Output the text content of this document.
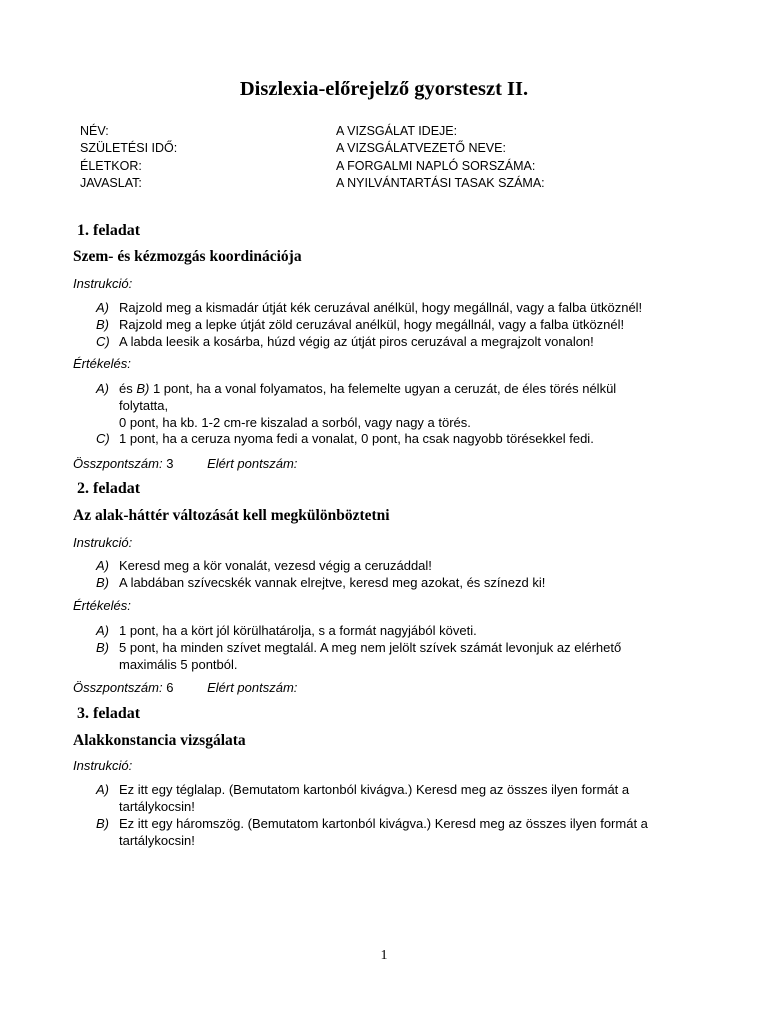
Diszlexia-előrejelző gyorsteszt II.
NÉV:
SZÜLETÉSI IDŐ:
ÉLETKOR:
JAVASLAT:
A VIZSGÁLAT IDEJE:
A VIZSGÁLATVEZETŐ NEVE:
A FORGALMI NAPLÓ SORSZÁMA:
A NYILVÁNTARTÁSI TASAK SZÁMA:
1. feladat
Szem- és kézmozgás koordinációja
Instrukció:
A) Rajzold meg a kismadár útját kék ceruzával anélkül, hogy megállnál, vagy a falba ütköznél!
B) Rajzold meg a lepke útját zöld ceruzával anélkül, hogy megállnál, vagy a falba ütköznél!
C) A labda leesik a kosárba, húzd végig az útját piros ceruzával a megrajzolt vonalon!
Értékelés:
A) és B) 1 pont, ha a vonal folyamatos, ha felemelte ugyan a ceruzát, de éles törés nélkül
folytatta,
0 pont, ha kb. 1-2 cm-re kiszalad a sorból, vagy nagy a törés.
C) 1 pont, ha a ceruza nyoma fedi a vonalat, 0 pont, ha csak nagyobb törésekkel fedi.
Összpontszám: 3	Elért pontszám:
2. feladat
Az alak-háttér változását kell megkülönböztetni
Instrukció:
A) Keresd meg a kör vonalát, vezesd végig a ceruzáddal!
B) A labdában szívecskék vannak elrejtve, keresd meg azokat, és színezd ki!
Értékelés:
A) 1 pont, ha a kört jól körülhatárolja, s a formát nagyjából követi.
B) 5 pont, ha minden szívet megtalál. A meg nem jelölt szívek számát levonjuk az elérhető
maximális 5 pontból.
Összpontszám: 6	Elért pontszám:
3. feladat
Alakkonstancia vizsgálata
Instrukció:
A) Ez itt egy téglalap. (Bemutatom kartonból kivágva.) Keresd meg az összes ilyen formát a
tartálykocsin!
B) Ez itt egy háromszög. (Bemutatom kartonból kivágva.) Keresd meg az összes ilyen formát a
tartálykocsin!
1
